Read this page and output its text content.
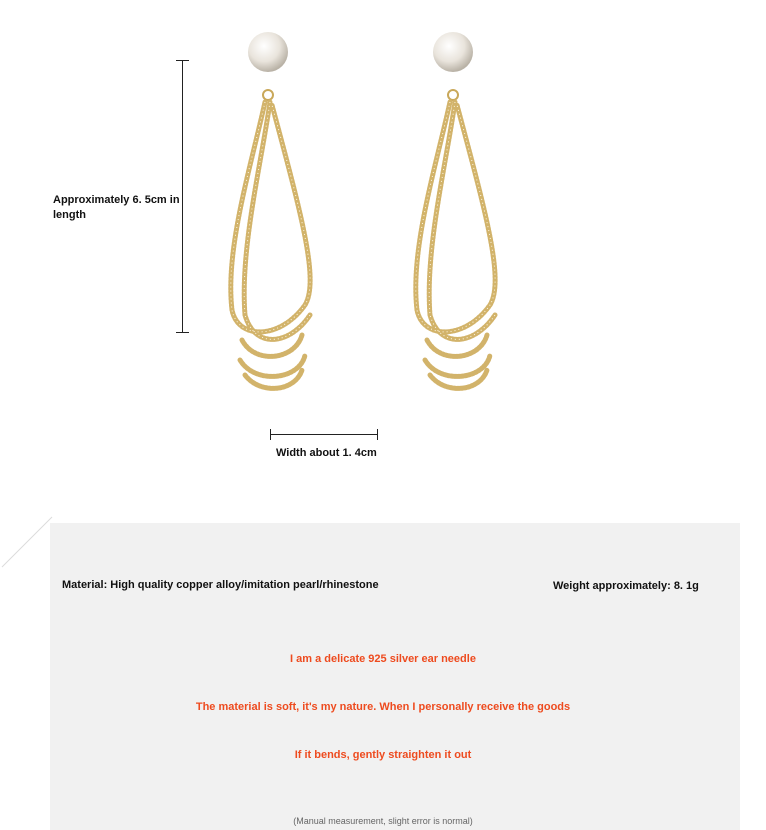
Approximately 6. 5cm in length
Width about 1. 4cm
Material: High quality copper alloy/imitation pearl/rhinestone	Weight approximately: 8. 1g
I am a delicate 925 silver ear needle
The material is soft, it's my nature. When I personally receive the goods
If it bends, gently straighten it out
(Manual measurement, slight error is normal)
